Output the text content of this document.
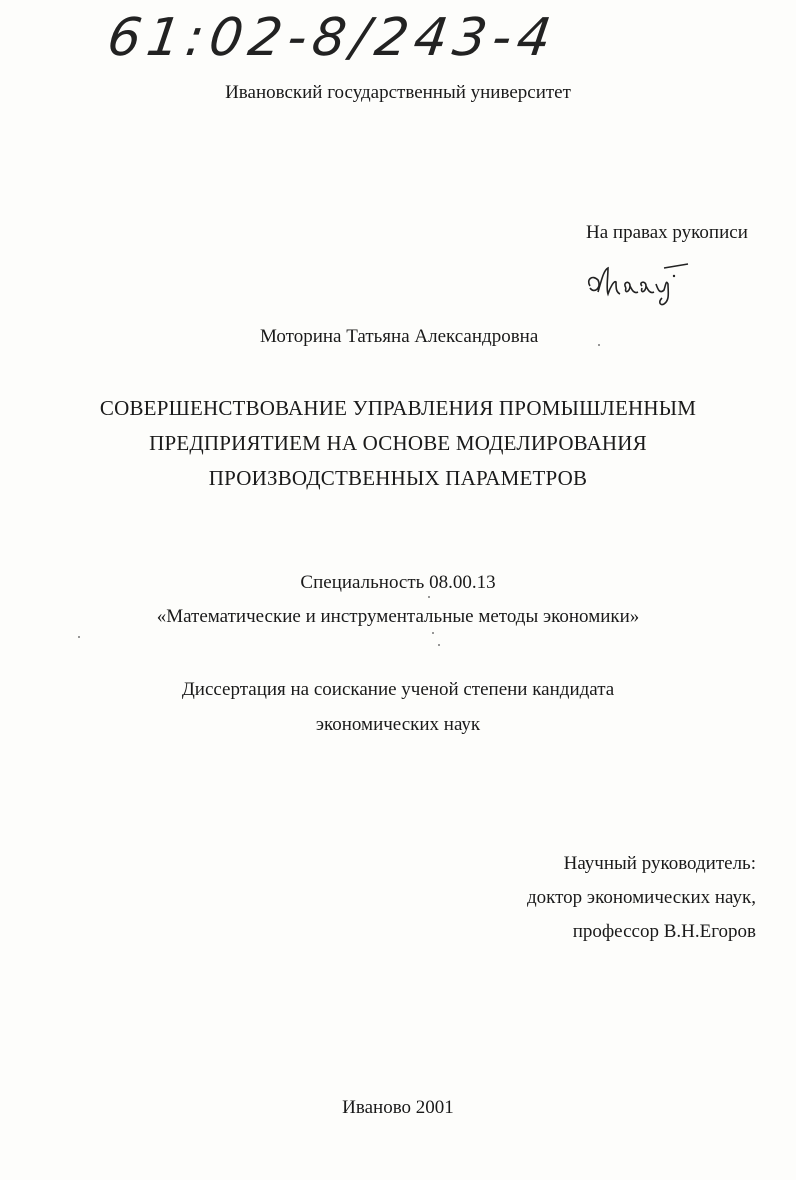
61:02-8/243-4
Ивановский государственный университет
На правах рукописи
Моторина Татьяна Александровна
СОВЕРШЕНСТВОВАНИЕ УПРАВЛЕНИЯ ПРОМЫШЛЕННЫМ
ПРЕДПРИЯТИЕМ НА ОСНОВЕ МОДЕЛИРОВАНИЯ
ПРОИЗВОДСТВЕННЫХ ПАРАМЕТРОВ
Специальность 08.00.13
«Математические и инструментальные методы экономики»
Диссертация на соискание ученой степени кандидата
экономических наук
Научный руководитель:
доктор экономических наук,
профессор В.Н.Егоров
Иваново 2001
